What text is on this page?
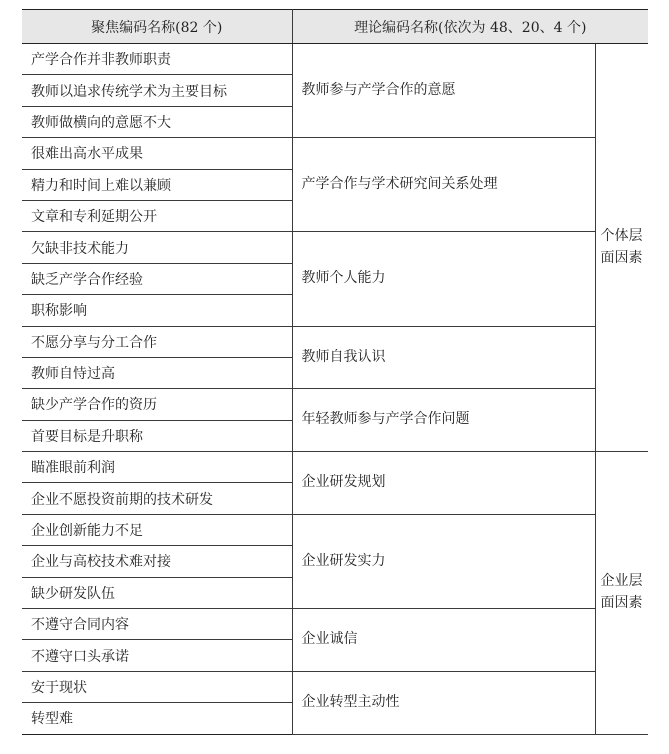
聚焦编码名称(82 个)	理论编码名称(依次为 48、20、4 个)	
产学合作并非教师职责	教师参与产学合作的意愿	个体层面因素
教师以追求传统学术为主要目标		
教师做横向的意愿不大		
很难出高水平成果	产学合作与学术研究间关系处理	
精力和时间上难以兼顾		
文章和专利延期公开		
欠缺非技术能力	教师个人能力	
缺乏产学合作经验		
职称影响		
不愿分享与分工合作	教师自我认识	
教师自恃过高		
缺少产学合作的资历	年轻教师参与产学合作问题	
首要目标是升职称		
瞄准眼前利润	企业研发规划	企业层面因素
企业不愿投资前期的技术研发		
企业创新能力不足	企业研发实力	
企业与高校技术难对接		
缺少研发队伍		
不遵守合同内容	企业诚信	
不遵守口头承诺		
安于现状	企业转型主动性	
转型难		
